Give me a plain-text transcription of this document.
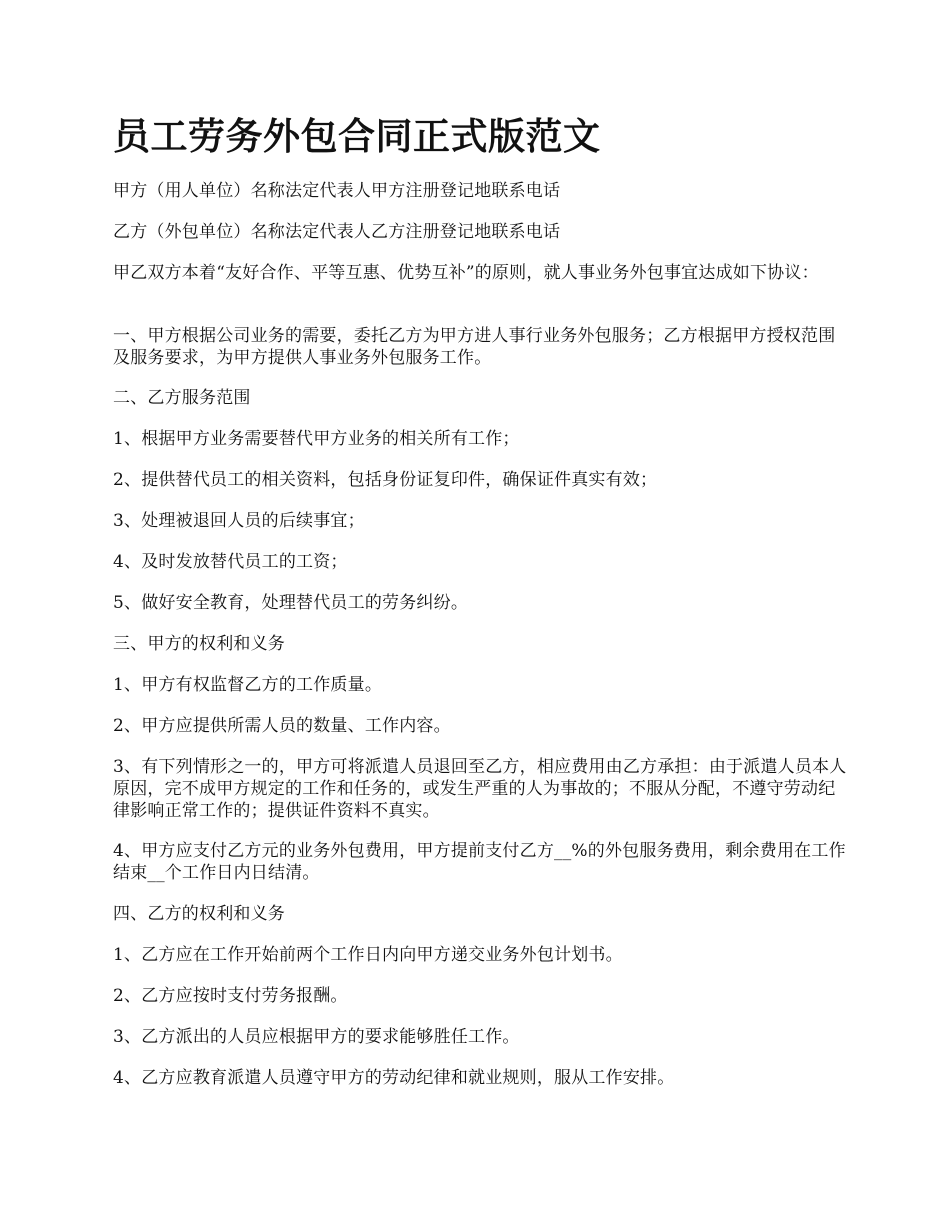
员工劳务外包合同正式版范文

甲方（用人单位）名称法定代表人甲方注册登记地联系电话

乙方（外包单位）名称法定代表人乙方注册登记地联系电话

甲乙双方本着“友好合作、平等互惠、优势互补”的原则，就人事业务外包事宜达成如下协议：

一、甲方根据公司业务的需要，委托乙方为甲方进人事行业务外包服务；乙方根据甲方授权范围及服务要求，为甲方提供人事业务外包服务工作。

二、乙方服务范围

1、根据甲方业务需要替代甲方业务的相关所有工作；

2、提供替代员工的相关资料，包括身份证复印件，确保证件真实有效；

3、处理被退回人员的后续事宜；

4、及时发放替代员工的工资；

5、做好安全教育，处理替代员工的劳务纠纷。

三、甲方的权利和义务

1、甲方有权监督乙方的工作质量。

2、甲方应提供所需人员的数量、工作内容。

3、有下列情形之一的，甲方可将派遣人员退回至乙方，相应费用由乙方承担：由于派遣人员本人原因，完不成甲方规定的工作和任务的，或发生严重的人为事故的；不服从分配，不遵守劳动纪律影响正常工作的；提供证件资料不真实。

4、甲方应支付乙方元的业务外包费用，甲方提前支付乙方__%的外包服务费用，剩余费用在工作结束__个工作日内日结清。

四、乙方的权利和义务

1、乙方应在工作开始前两个工作日内向甲方递交业务外包计划书。

2、乙方应按时支付劳务报酬。

3、乙方派出的人员应根据甲方的要求能够胜任工作。

4、乙方应教育派遣人员遵守甲方的劳动纪律和就业规则，服从工作安排。
